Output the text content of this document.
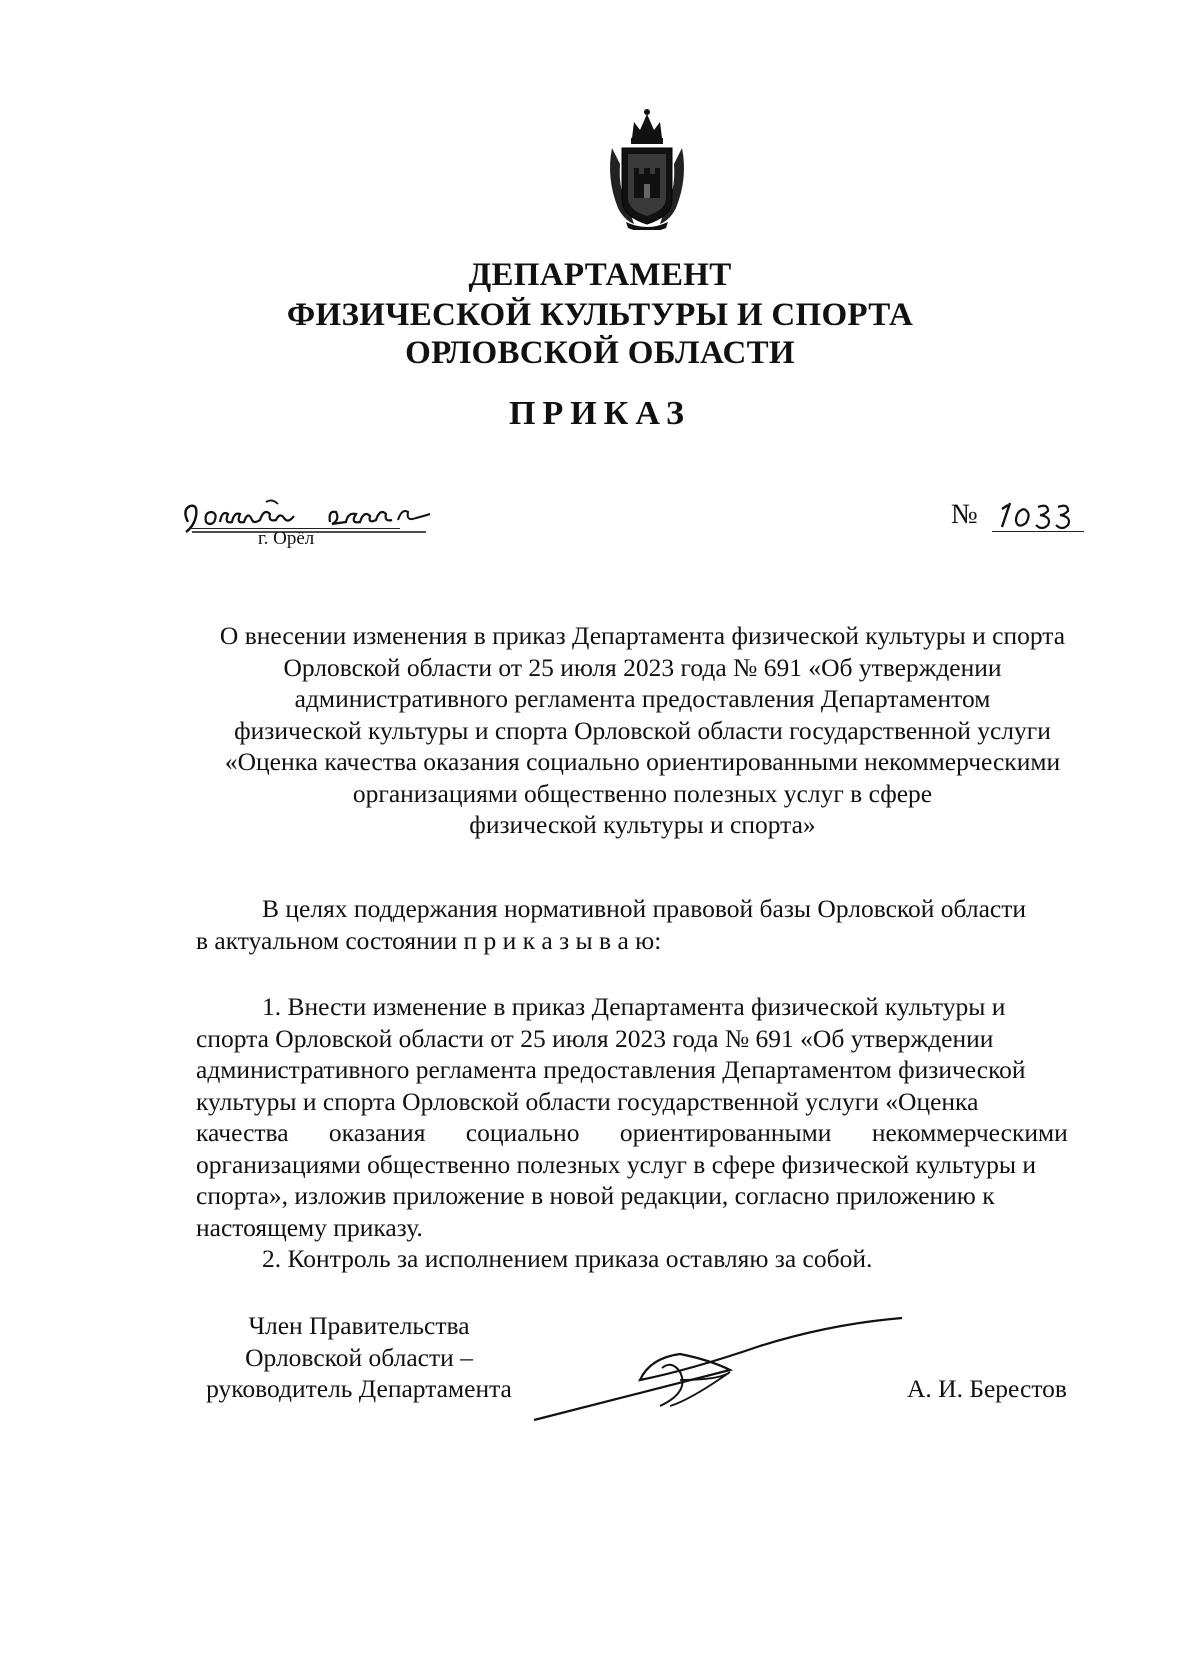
ДЕПАРТАМЕНТ
ФИЗИЧЕСКОЙ КУЛЬТУРЫ И СПОРТА
ОРЛОВСКОЙ ОБЛАСТИ
ПРИКАЗ
г. Орёл
№
О внесении изменения в приказ Департамента физической культуры и спорта
Орловской области от 25 июля 2023 года № 691 «Об утверждении
административного регламента предоставления Департаментом
физической культуры и спорта Орловской области государственной услуги
«Оценка качества оказания социально ориентированными некоммерческими
организациями общественно полезных услуг в сфере
физической культуры и спорта»
В целях поддержания нормативной правовой базы Орловской области
в актуальном состоянии п р и к а з ы в а ю:
1. Внести изменение в приказ Департамента физической культуры и
спорта Орловской области от 25 июля 2023 года № 691 «Об утверждении
административного регламента предоставления Департаментом физической
культуры и спорта Орловской области государственной услуги «Оценка
качества оказания социально ориентированными некоммерческими
организациями общественно полезных услуг в сфере физической культуры и
спорта», изложив приложение в новой редакции, согласно приложению к
настоящему приказу.
2. Контроль за исполнением приказа оставляю за собой.
Член Правительства
Орловской области –
руководитель Департамента	А. И. Берестов
